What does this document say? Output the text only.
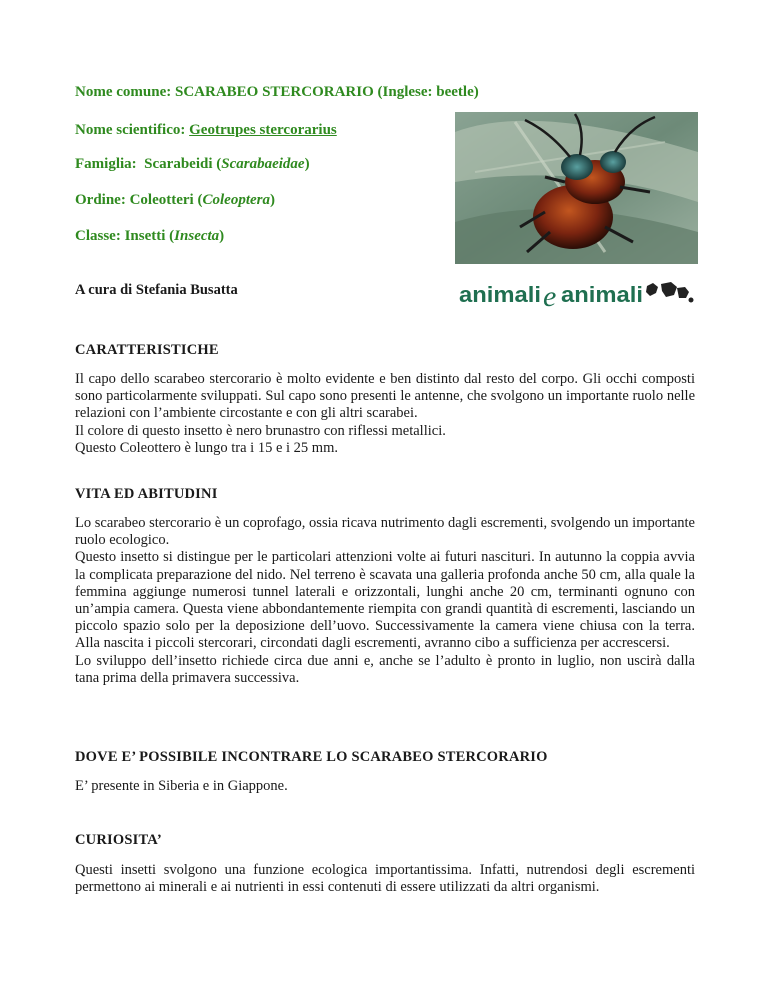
Nome comune: SCARABEO STERCORARIO (Inglese: beetle)
Nome scientifico: Geotrupes stercorarius
Famiglia: Scarabeidi (Scarabaeidae)
Ordine: Coleotteri (Coleoptera)
Classe: Insetti (Insecta)
A cura di Stefania Busatta	animali e animali
CARATTERISTICHE
Il capo dello scarabeo stercorario è molto evidente e ben distinto dal resto del corpo. Gli occhi composti sono particolarmente sviluppati. Sul capo sono presenti le antenne, che svolgono un importante ruolo nelle relazioni con l’ambiente circostante e con gli altri scarabei.
Il colore di questo insetto è nero brunastro con riflessi metallici.
Questo Coleottero è lungo tra i 15 e i 25 mm.
VITA ED ABITUDINI
Lo scarabeo stercorario è un coprofago, ossia ricava nutrimento dagli escrementi, svolgendo un importante ruolo ecologico.
Questo insetto si distingue per le particolari attenzioni volte ai futuri nascituri. In autunno la coppia avvia la complicata preparazione del nido. Nel terreno è scavata una galleria profonda anche 50 cm, alla quale la femmina aggiunge numerosi tunnel laterali e orizzontali, lunghi anche 20 cm, terminanti ognuno con un’ampia camera. Questa viene abbondantemente riempita con grandi quantità di escrementi, lasciando un piccolo spazio solo per la deposizione dell’uovo. Successivamente la camera viene chiusa con la terra. Alla nascita i piccoli stercorari, circondati dagli escrementi, avranno cibo a sufficienza per accrescersi.
Lo sviluppo dell’insetto richiede circa due anni e, anche se l’adulto è pronto in luglio, non uscirà dalla tana prima della primavera successiva.
DOVE E’ POSSIBILE INCONTRARE LO SCARABEO STERCORARIO
E’ presente in Siberia e in Giappone.
CURIOSITA’
Questi insetti svolgono una funzione ecologica importantissima. Infatti, nutrendosi degli escrementi permettono ai minerali e ai nutrienti in essi contenuti di essere utilizzati da altri organismi.
